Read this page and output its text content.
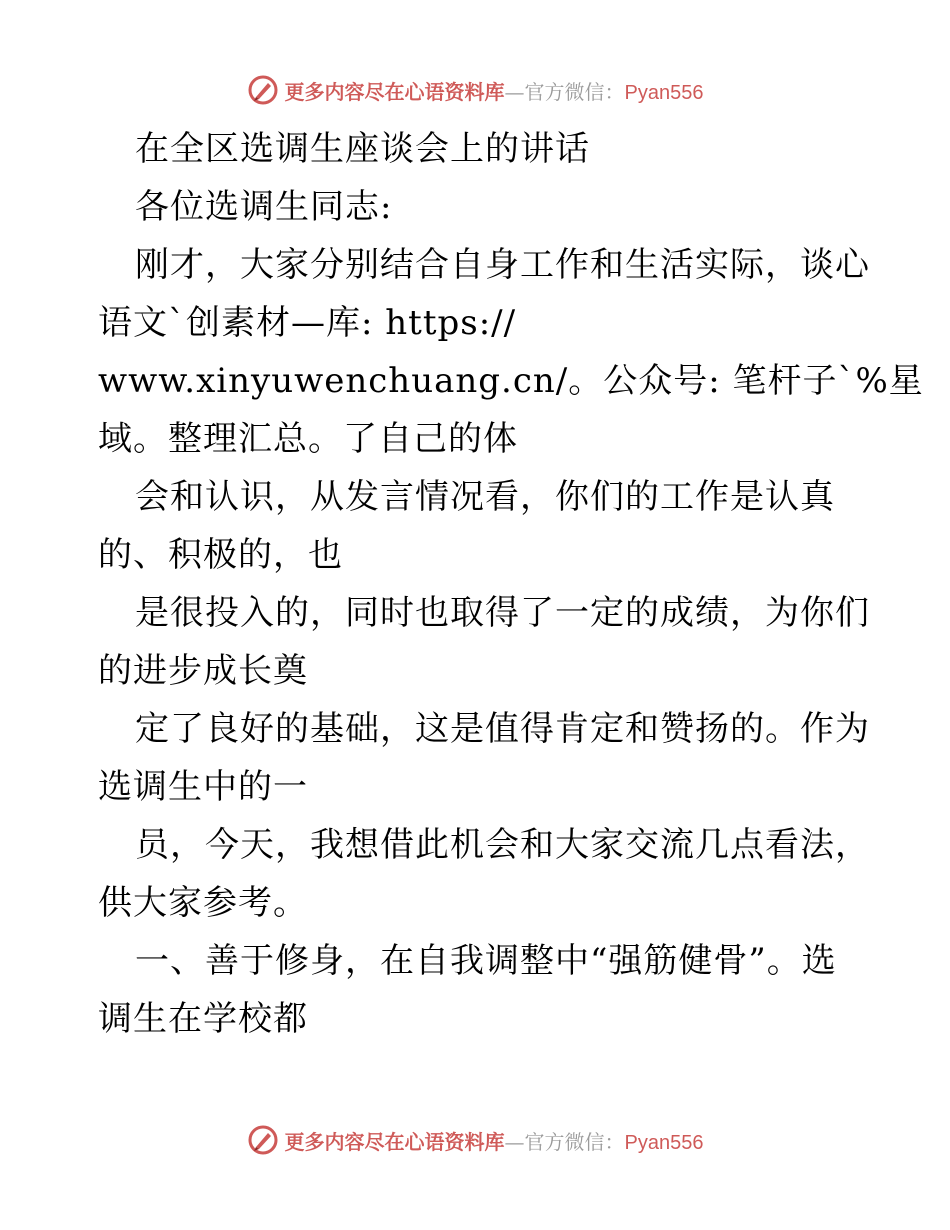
更多内容尽在心语资料库—官方微信：Pyan556
在全区选调生座谈会上的讲话
各位选调生同志:
刚才，大家分别结合自身工作和生活实际，谈心
语文`创素材—库: https://
www.xinyuwenchuang.cn/。公众号: 笔杆子`%星
域。整理汇总。了自己的体
会和认识，从发言情况看，你们的工作是认真
的、积极的，也
是很投入的，同时也取得了一定的成绩，为你们
的进步成长奠
定了良好的基础，这是值得肯定和赞扬的。作为
选调生中的一
员，今天，我想借此机会和大家交流几点看法，
供大家参考。
一、善于修身，在自我调整中“强筋健骨”。选
调生在学校都
更多内容尽在心语资料库—官方微信：Pyan556
